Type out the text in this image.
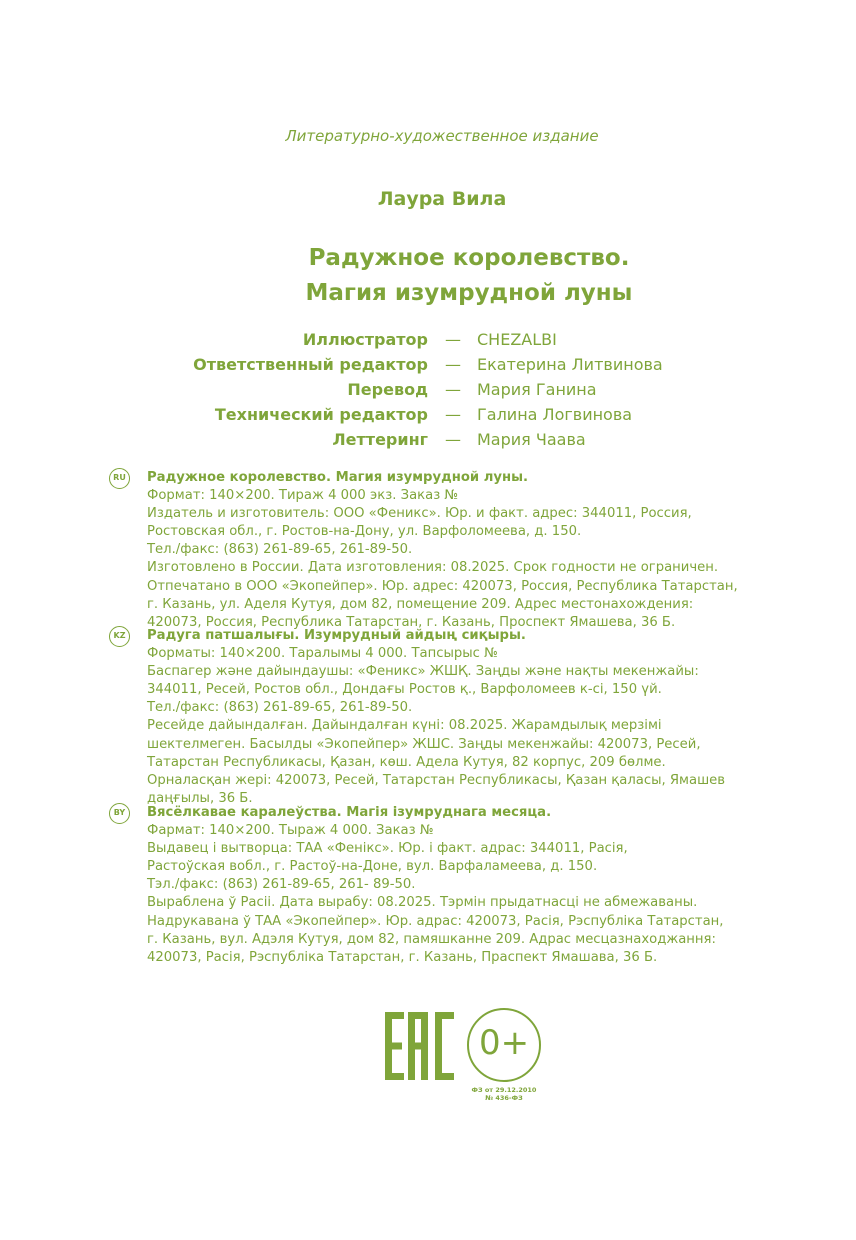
Литературно-художественное издание
Лаура Вила
Радужное королевство.
Магия изумрудной луны
Иллюстратор — CHEZALBI
Ответственный редактор — Екатерина Литвинова
Перевод — Мария Ганина
Технический редактор — Галина Логвинова
Леттеринг — Мария Чаава
RU	Радужное королевство. Магия изумрудной луны.
Формат: 140×200. Тираж 4 000 экз. Заказ №
Издатель и изготовитель: ООО «Феникс». Юр. и факт. адрес: 344011, Россия,
Ростовская обл., г. Ростов-на-Дону, ул. Варфоломеева, д. 150.
Тел./факс: (863) 261-89-65, 261-89-50.
Изготовлено в России. Дата изготовления: 08.2025. Срок годности не ограничен.
Отпечатано в ООО «Экопейпер». Юр. адрес: 420073, Россия, Республика Татарстан,
г. Казань, ул. Аделя Кутуя, дом 82, помещение 209. Адрес местонахождения:
420073, Россия, Республика Татарстан, г. Казань, Проспект Ямашева, 36 Б.
KZ	Радуга патшалығы. Изумрудный айдың сиқыры.
Форматы: 140×200. Таралымы 4 000. Тапсырыс №
Баспагер және дайындаушы: «Феникс» ЖШҚ. Заңды және нақты мекенжайы:
344011, Ресей, Ростов обл., Дондағы Ростов қ., Варфоломеев к-сі, 150 үй.
Тел./факс: (863) 261-89-65, 261-89-50.
Ресейде дайындалған. Дайындалған күні: 08.2025. Жарамдылық мерзімі
шектелмеген. Басылды «Экопейпер» ЖШС. Заңды мекенжайы: 420073, Ресей,
Татарстан Республикасы, Қазан, көш. Адела Кутуя, 82 корпус, 209 бөлме.
Орналасқан жері: 420073, Ресей, Татарстан Республикасы, Қазан қаласы, Ямашев
даңғылы, 36 Б.
BY	Вясёлкавае каралеўства. Магія ізумруднага месяца.
Фармат: 140×200. Тыраж 4 000. Заказ №
Выдавец і вытворца: ТАА «Фенікс». Юр. і факт. адрас: 344011, Расія,
Растоўская вобл., г. Растоў-на-Доне, вул. Варфаламеева, д. 150.
Тэл./факс: (863) 261-89-65, 261- 89-50.
Выраблена ў Расіі. Дата вырабу: 08.2025. Тэрмін прыдатнасці не абмежаваны.
Надрукавана ў ТАА «Экопейпер». Юр. адрас: 420073, Расія, Рэспубліка Татарстан,
г. Казань, вул. Адэля Кутуя, дом 82, памяшканне 209. Адрас месцазнаходжання:
420073, Расія, Рэспубліка Татарстан, г. Казань, Праспект Ямашава, 36 Б.
0+
ФЗ от 29.12.2010
№ 436-ФЗ
